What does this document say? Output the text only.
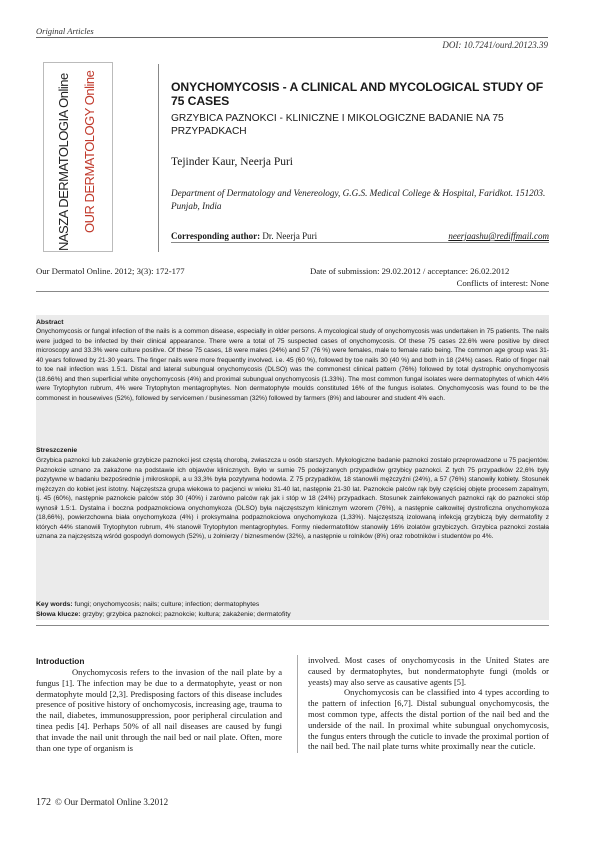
Original Articles
DOI: 10.7241/ourd.20123.39
NASZA DERMATOLOGIA Online OUR DERMATOLOGY Online	ONYCHOMYCOSIS - A CLINICAL AND MYCOLOGICAL STUDY OF 75 CASES
GRZYBICA PAZNOKCI - KLINICZNE I MIKOLOGICZNE BADANIE NA 75 PRZYPADKACH
Tejinder Kaur, Neerja Puri
Department of Dermatology and Venereology, G.G.S. Medical College & Hospital, Faridkot. 151203. Punjab, India
Corresponding author: Dr. Neerja Puri	neerjaashu@rediffmail.com
Our Dermatol Online. 2012; 3(3): 172-177	Date of submission: 29.02.2012 / acceptance: 26.02.2012
Conflicts of interest: None
Abstract
Onychomycosis or fungal infection of the nails is a common disease, especially in older persons. A mycological study of onychomycosis was undertaken in 75 patients. The nails were judged to be infected by their clinical appearance. There were a total of 75 suspected cases of onychomycosis. Of these 75 cases 22.6% were positive by direct microscopy and 33.3% were culture positive. Of these 75 cases, 18 were males (24%) and 57 (76 %) were females, male to female ratio being. The common age group was 31-40 years followed by 21-30 years. The finger nails were more frequently involved. i.e. 45 (60 %), followed by toe nails 30 (40 %) and both in 18 (24%) cases. Ratio of finger nail to toe nail infection was 1.5:1. Distal and lateral subungual onychomycosis (DLSO) was the commonest clinical pattern (76%) followed by total dystrophic onychomycosis (18.66%) and then superficial white onychomycosis (4%) and proximal subungual onychomycosis (1.33%). The most common fungal isolates were dermatophytes of which 44% were Trytophyton rubrum, 4% were Trytophyton mentagrophytes. Non dermatophyte moulds constituted 16% of the fungus isolates. Onychomycosis was found to be the commonest in housewives (52%), followed by servicemen / businessman (32%) followed by farmers (8%) and labourer and student 4% each.
Streszczenie
Grzybica paznokci lub zakażenie grzybicze paznokci jest częstą chorobą, zwłaszcza u osób starszych. Mykologiczne badanie paznokci zostało przeprowadzone u 75 pacjentów. Paznokcie uznano za zakażone na podstawie ich objawów klinicznych. Było w sumie 75 podejrzanych przypadków grzybicy paznokci. Z tych 75 przypadków 22,6% były pozytywne w badaniu bezpośrednie j mikroskopii, a u 33,3% była pozytywna hodowla. Z 75 przypadków, 18 stanowili mężczyźni (24%), a 57 (76%) stanowiły kobiety. Stosunek mężczyzn do kobiet jest istotny. Najczęstsza grupa wiekowa to pacjenci w wieku 31-40 lat, następnie 21-30 lat. Paznokcie palców rąk były częściej objęte procesem zapalnym, tj. 45 (60%), następnie paznokcie palców stóp 30 (40%) i zarówno palców rąk jak i stóp w 18 (24%) przypadkach. Stosunek zainfekowanych paznokci rąk do paznokci stóp wynosił 1.5:1. Dystalna i boczna podpaznokciowa onychomykoza (DLSO) była najczęstszym klinicznym wzorem (76%), a następnie całkowitej dystroficzna onychomykoza (18,66%), powierzchowna biała onychomykoza (4%) i proksymalna podpaznokciowa onychomykoza (1,33%). Najczęstszą izolowaną infekcją grzybiczą były dermatofity z których 44% stanowili Trytophyton rubrum, 4% stanowił Trytophyton mentagrophytes. Formy niedermatofitów stanowiły 16% izolatów grzybiczych. Grzybica paznokci została uznana za najczęstszą wśród gospodyń domowych (52%), u żołnierzy / biznesmenów (32%), a następnie u rolników (8%) oraz robotników i studentów po 4%.
Key words: fungi; onychomycosis; nails; culture; infection; dermatophytes
Słowa klucze: grzyby; grzybica paznokci; paznokcie; kultura; zakażenie; dermatofity
Introduction
Onychomycosis refers to the invasion of the nail plate by a fungus [1]. The infection may be due to a dermatophyte, yeast or non dermatophyte mould [2,3]. Predisposing factors of this disease includes presence of positive history of onchomycosis, increasing age, trauma to the nail, diabetes, immunosuppression, poor peripheral circulation and tinea pedis [4]. Perhaps 50% of all nail diseases are caused by fungi that invade the nail unit through the nail bed or nail plate. Often, more than one type of organism is
involved. Most cases of onychomycosis in the United States are caused by dermatophytes, but nondermatophyte fungi (molds or yeasts) may also serve as causative agents [5].
Onychomycosis can be classified into 4 types according to the pattern of infection [6,7]. Distal subungual onychomycosis, the most common type, affects the distal portion of the nail bed and the underside of the nail. In proximal white subungual onychomycosis, the fungus enters through the cuticle to invade the proximal portion of the nail bed. The nail plate turns white proximally near the cuticle.
172 © Our Dermatol Online 3.2012
